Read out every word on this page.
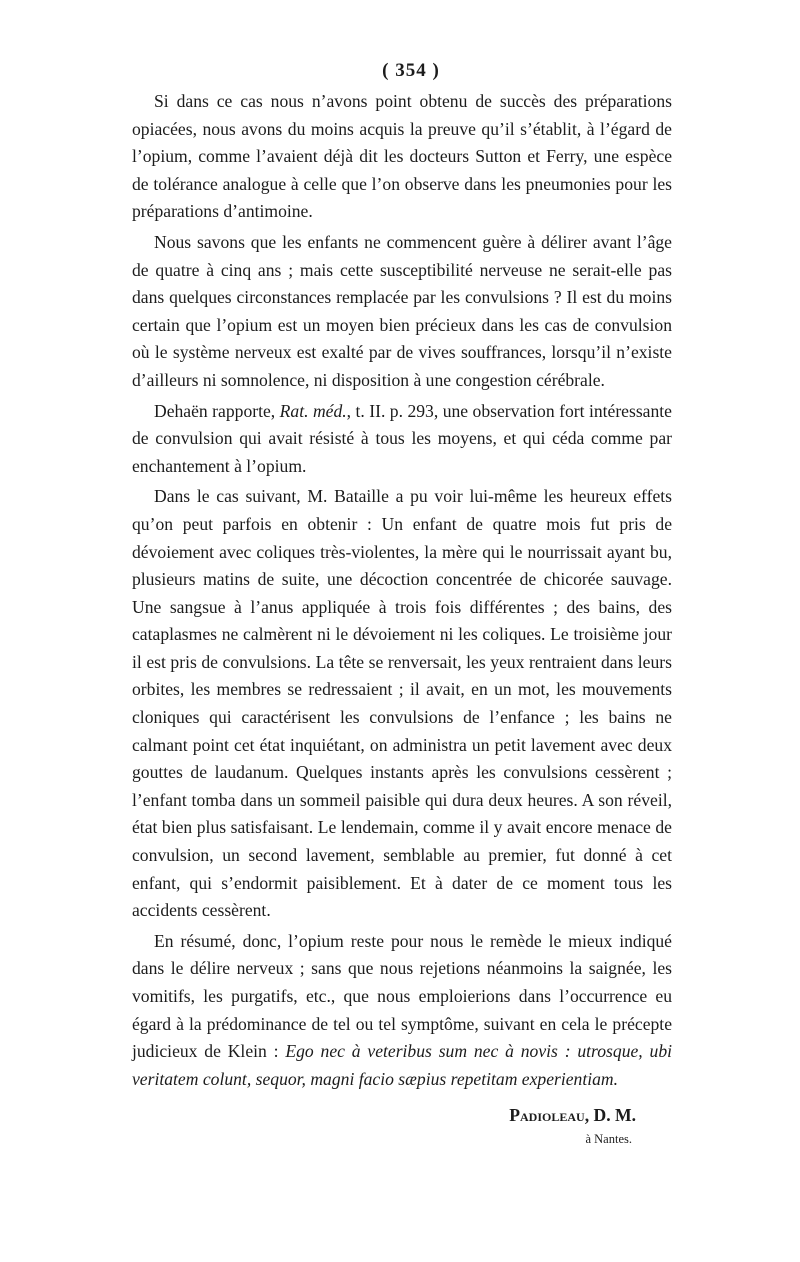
( 354 )

Si dans ce cas nous n’avons point obtenu de succès des préparations opiacées, nous avons du moins acquis la preuve qu’il s’établit, à l’égard de l’opium, comme l’avaient déjà dit les docteurs Sutton et Ferry, une espèce de tolérance analogue à celle que l’on observe dans les pneumonies pour les préparations d’antimoine.

Nous savons que les enfants ne commencent guère à délirer avant l’âge de quatre à cinq ans ; mais cette susceptibilité nerveuse ne serait-elle pas dans quelques circonstances remplacée par les convulsions ? Il est du moins certain que l’opium est un moyen bien précieux dans les cas de convulsion où le système nerveux est exalté par de vives souffrances, lorsqu’il n’existe d’ailleurs ni somnolence, ni disposition à une congestion cérébrale.

Dehaën rapporte, Rat. méd., t. II. p. 293, une observation fort intéressante de convulsion qui avait résisté à tous les moyens, et qui céda comme par enchantement à l’opium.

Dans le cas suivant, M. Bataille a pu voir lui-même les heureux effets qu’on peut parfois en obtenir : Un enfant de quatre mois fut pris de dévoiement avec coliques très-violentes, la mère qui le nourrissait ayant bu, plusieurs matins de suite, une décoction concentrée de chicorée sauvage. Une sangsue à l’anus appliquée à trois fois différentes ; des bains, des cataplasmes ne calmèrent ni le dévoiement ni les coliques. Le troisième jour il est pris de convulsions. La tête se renversait, les yeux rentraient dans leurs orbites, les membres se redressaient ; il avait, en un mot, les mouvements cloniques qui caractérisent les convulsions de l’enfance ; les bains ne calmant point cet état inquiétant, on administra un petit lavement avec deux gouttes de laudanum. Quelques instants après les convulsions cessèrent ; l’enfant tomba dans un sommeil paisible qui dura deux heures. A son réveil, état bien plus satisfaisant. Le lendemain, comme il y avait encore menace de convulsion, un second lavement, semblable au premier, fut donné à cet enfant, qui s’endormit paisiblement. Et à dater de ce moment tous les accidents cessèrent.

En résumé, donc, l’opium reste pour nous le remède le mieux indiqué dans le délire nerveux ; sans que nous rejetions néanmoins la saignée, les vomitifs, les purgatifs, etc., que nous emploierions dans l’occurrence eu égard à la prédominance de tel ou tel symptôme, suivant en cela le précepte judicieux de Klein : Ego nec à veteribus sum nec à novis : utrosque, ubi veritatem colunt, sequor, magni facio sæpius repetitam experientiam.

Padioleau, D. M.
à Nantes.
